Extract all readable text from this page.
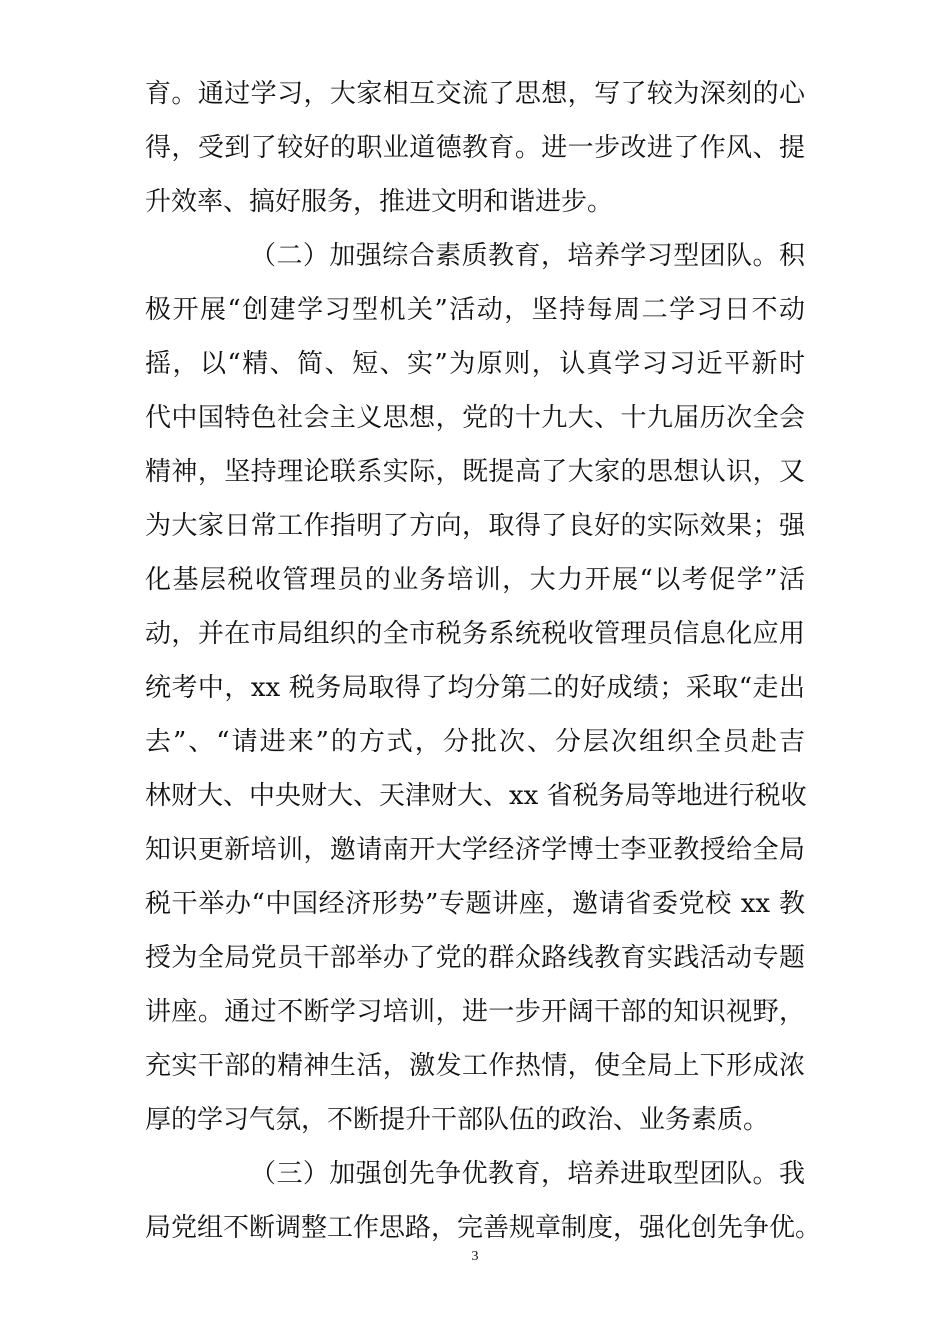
育。通过学习，大家相互交流了思想，写了较为深刻的心
得，受到了较好的职业道德教育。进一步改进了作风、提
升效率、搞好服务，推进文明和谐进步。
（二）加强综合素质教育，培养学习型团队。积
极开展“创建学习型机关”活动，坚持每周二学习日不动
摇，以“精、简、短、实”为原则，认真学习习近平新时
代中国特色社会主义思想，党的十九大、十九届历次全会
精神，坚持理论联系实际，既提高了大家的思想认识，又
为大家日常工作指明了方向，取得了良好的实际效果；强
化基层税收管理员的业务培训，大力开展“以考促学”活
动，并在市局组织的全市税务系统税收管理员信息化应用
统考中，xx 税务局取得了均分第二的好成绩；采取“走出
去”、“请进来”的方式，分批次、分层次组织全员赴吉
林财大、中央财大、天津财大、xx 省税务局等地进行税收
知识更新培训，邀请南开大学经济学博士李亚教授给全局
税干举办“中国经济形势”专题讲座，邀请省委党校 xx 教
授为全局党员干部举办了党的群众路线教育实践活动专题
讲座。通过不断学习培训，进一步开阔干部的知识视野，
充实干部的精神生活，激发工作热情，使全局上下形成浓
厚的学习气氛，不断提升干部队伍的政治、业务素质。
（三）加强创先争优教育，培养进取型团队。我
局党组不断调整工作思路，完善规章制度，强化创先争优。
3
